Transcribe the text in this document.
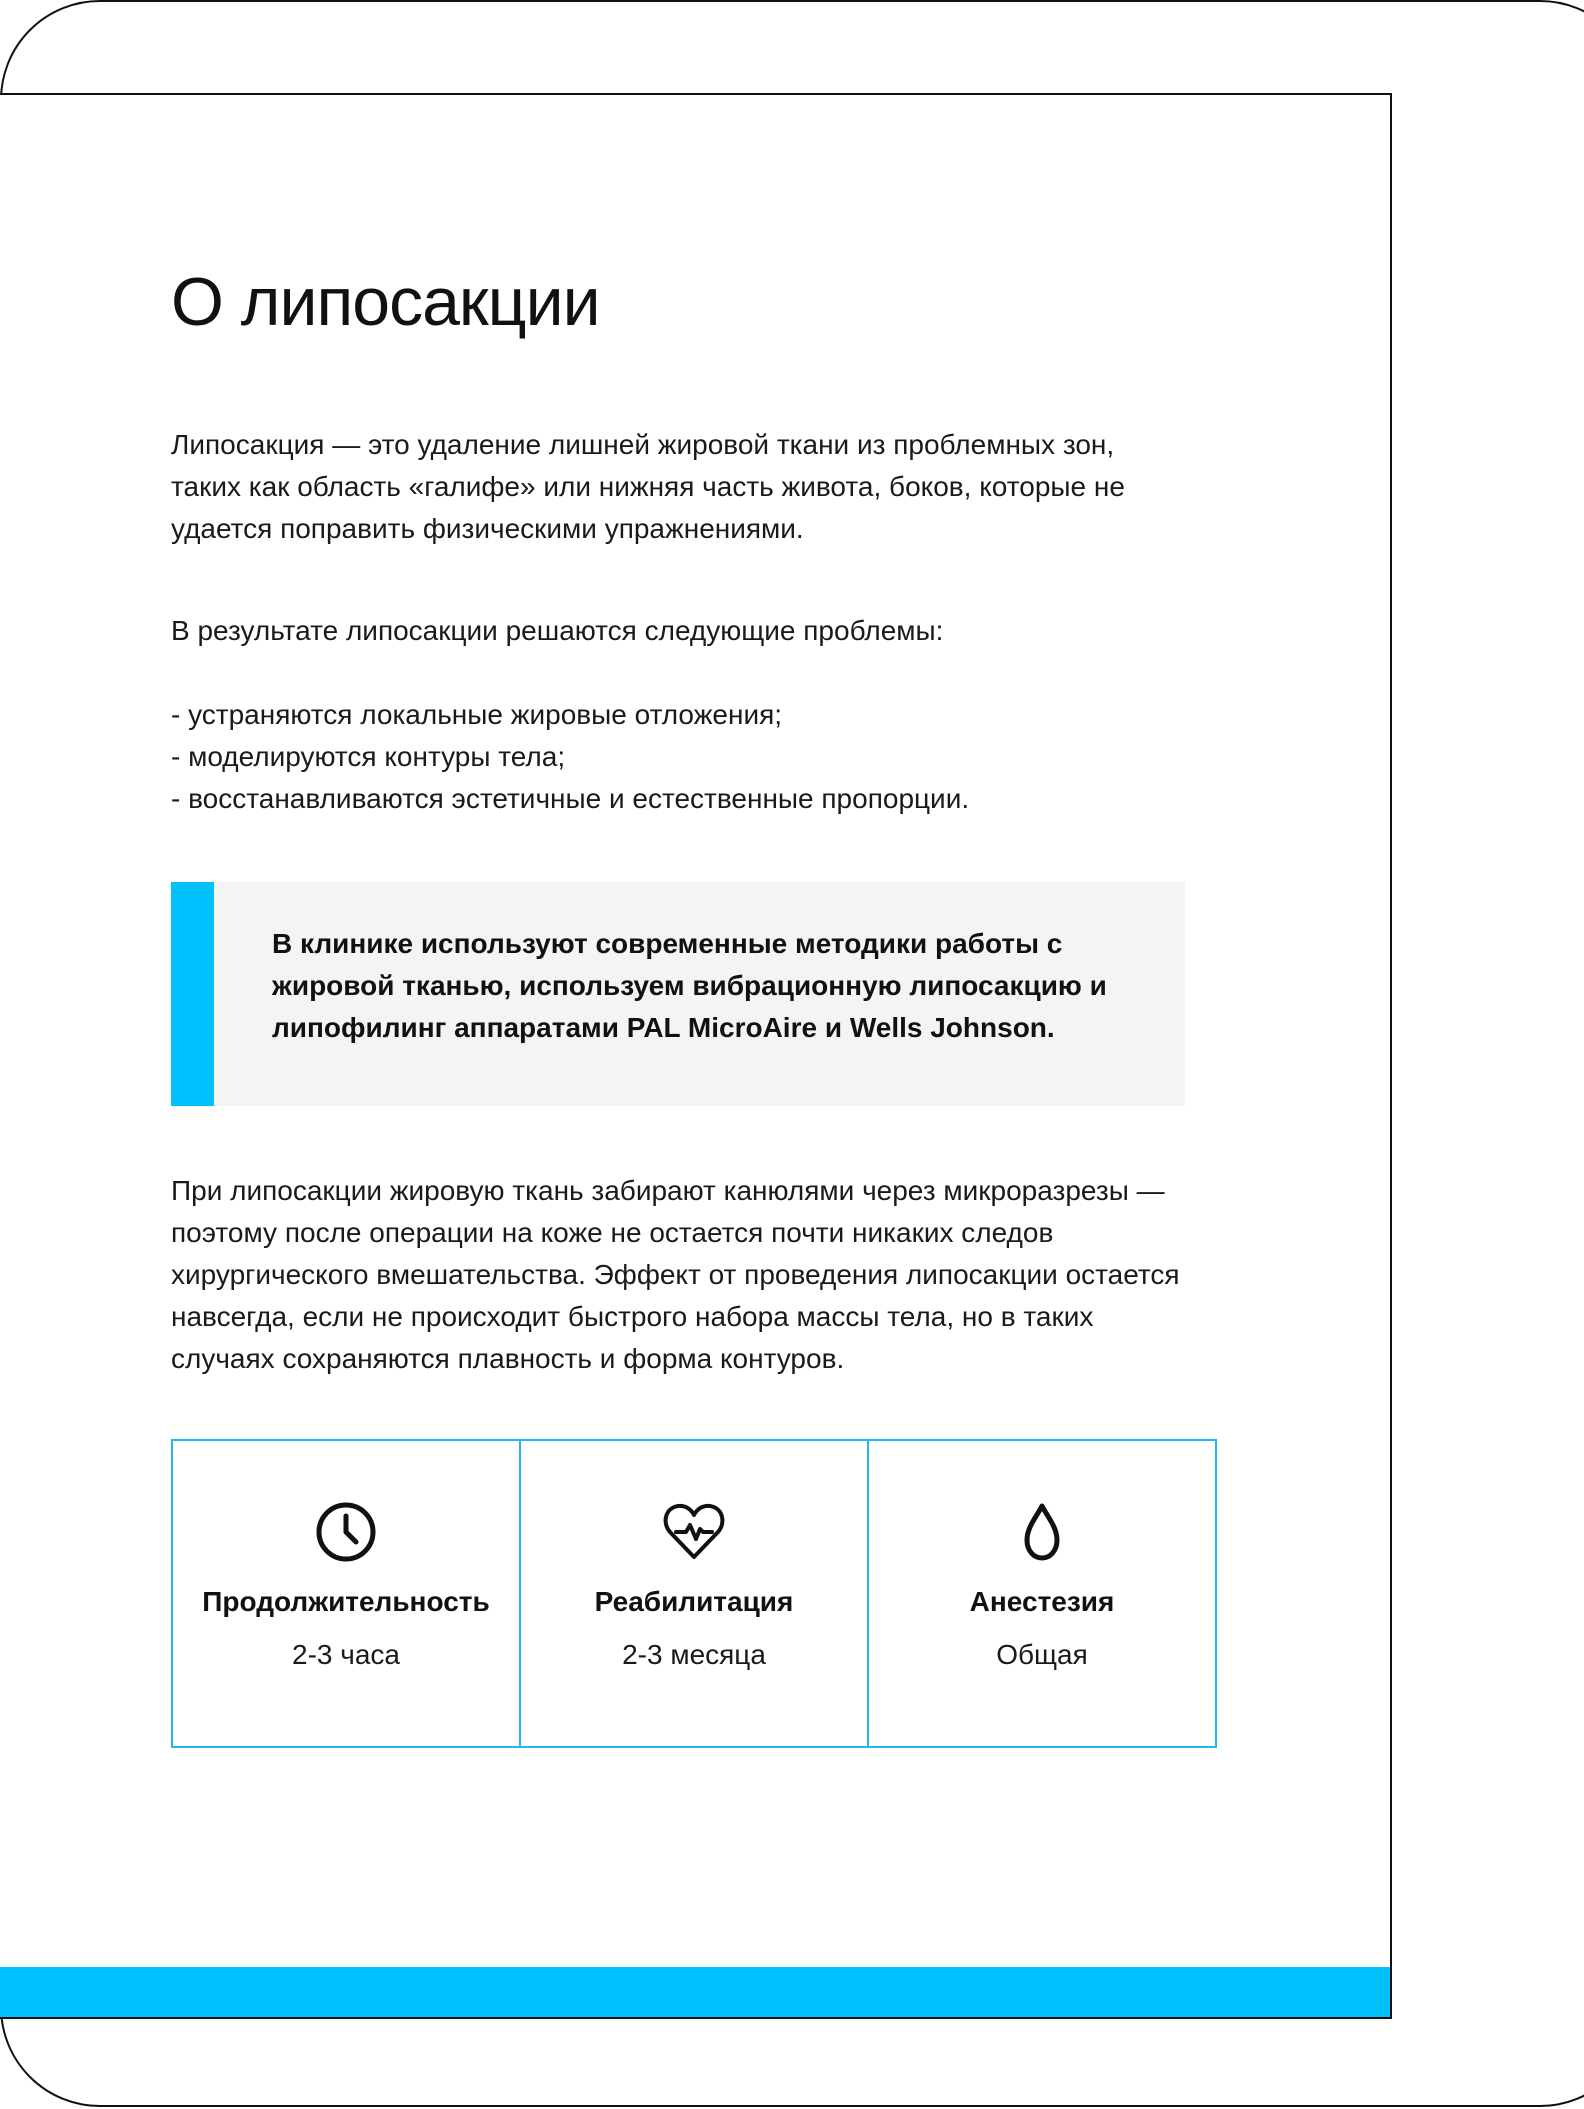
О липосакции

Липосакция — это удаление лишней жировой ткани из проблемных зон, таких как область «галифе» или нижняя часть живота, боков, которые не удается поправить физическими упражнениями.

В результате липосакции решаются следующие проблемы:

- устраняются локальные жировые отложения;
- моделируются контуры тела;
- восстанавливаются эстетичные и естественные пропорции.

В клинике используют современные методики работы с жировой тканью, используем вибрационную липосакцию и липофилинг аппаратами PAL MicroAire и Wells Johnson.

При липосакции жировую ткань забирают канюлями через микроразрезы — поэтому после операции на коже не остается почти никаких следов хирургического вмешательства. Эффект от проведения липосакции остается навсегда, если не происходит быстрого набора массы тела, но в таких случаях сохраняются плавность и форма контуров.

Продолжительность
2-3 часа
Реабилитация
2-3 месяца
Анестезия
Общая
